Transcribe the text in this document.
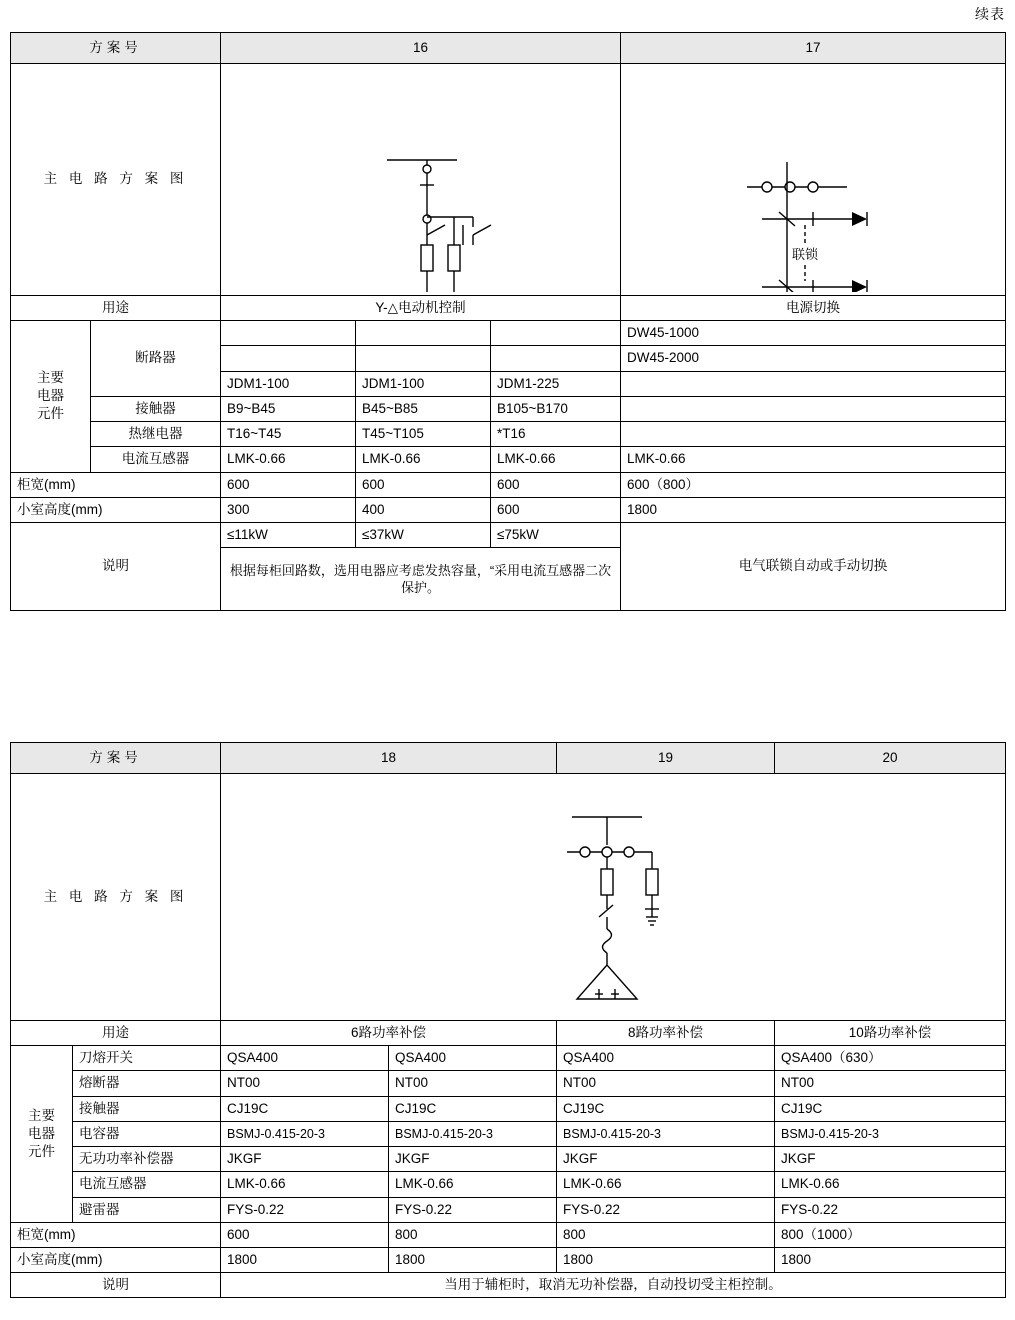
续表
方案号		16			17
主 电 路 方 案 图					联锁

用途		Y-△电动机控制			电源切换

主要
电器
元件	断路器				DW45-1000
					DW45-2000
		JDM1-100	JDM1-100	JDM1-225	
	接触器	B9~B45	B45~B85	B105~B170	
	热继电器	T16~T45	T45~T105	*T16	
	电流互感器	LMK-0.66	LMK-0.66	LMK-0.66	LMK-0.66
柜宽(mm)		600	600	600	600（800）
小室高度(mm)		300	400	600	1800
说明		≤11kW	≤37kW	≤75kW	电气联锁自动或手动切换
		根据每柜回路数，选用电器应考虑发热容量，“采用电流互感器二次保护。			
方案号		18		19	20
主 电 路 方 案 图	

用途		6路功率补偿		8路功率补偿	10路功率补偿

主要
电器
元件	刀熔开关	QSA400	QSA400	QSA400	QSA400（630）
	熔断器	NT00	NT00	NT00	NT00
	接触器	CJ19C	CJ19C	CJ19C	CJ19C
	电容器	BSMJ-0.415-20-3	BSMJ-0.415-20-3	BSMJ-0.415-20-3	BSMJ-0.415-20-3
	无功功率补偿器	JKGF	JKGF	JKGF	JKGF
	电流互感器	LMK-0.66	LMK-0.66	LMK-0.66	LMK-0.66
	避雷器	FYS-0.22	FYS-0.22	FYS-0.22	FYS-0.22
柜宽(mm)		600	800	800	800（1000）
小室高度(mm)		1800	1800	1800	1800
说明		当用于辅柜时，取消无功补偿器，自动投切受主柜控制。			
